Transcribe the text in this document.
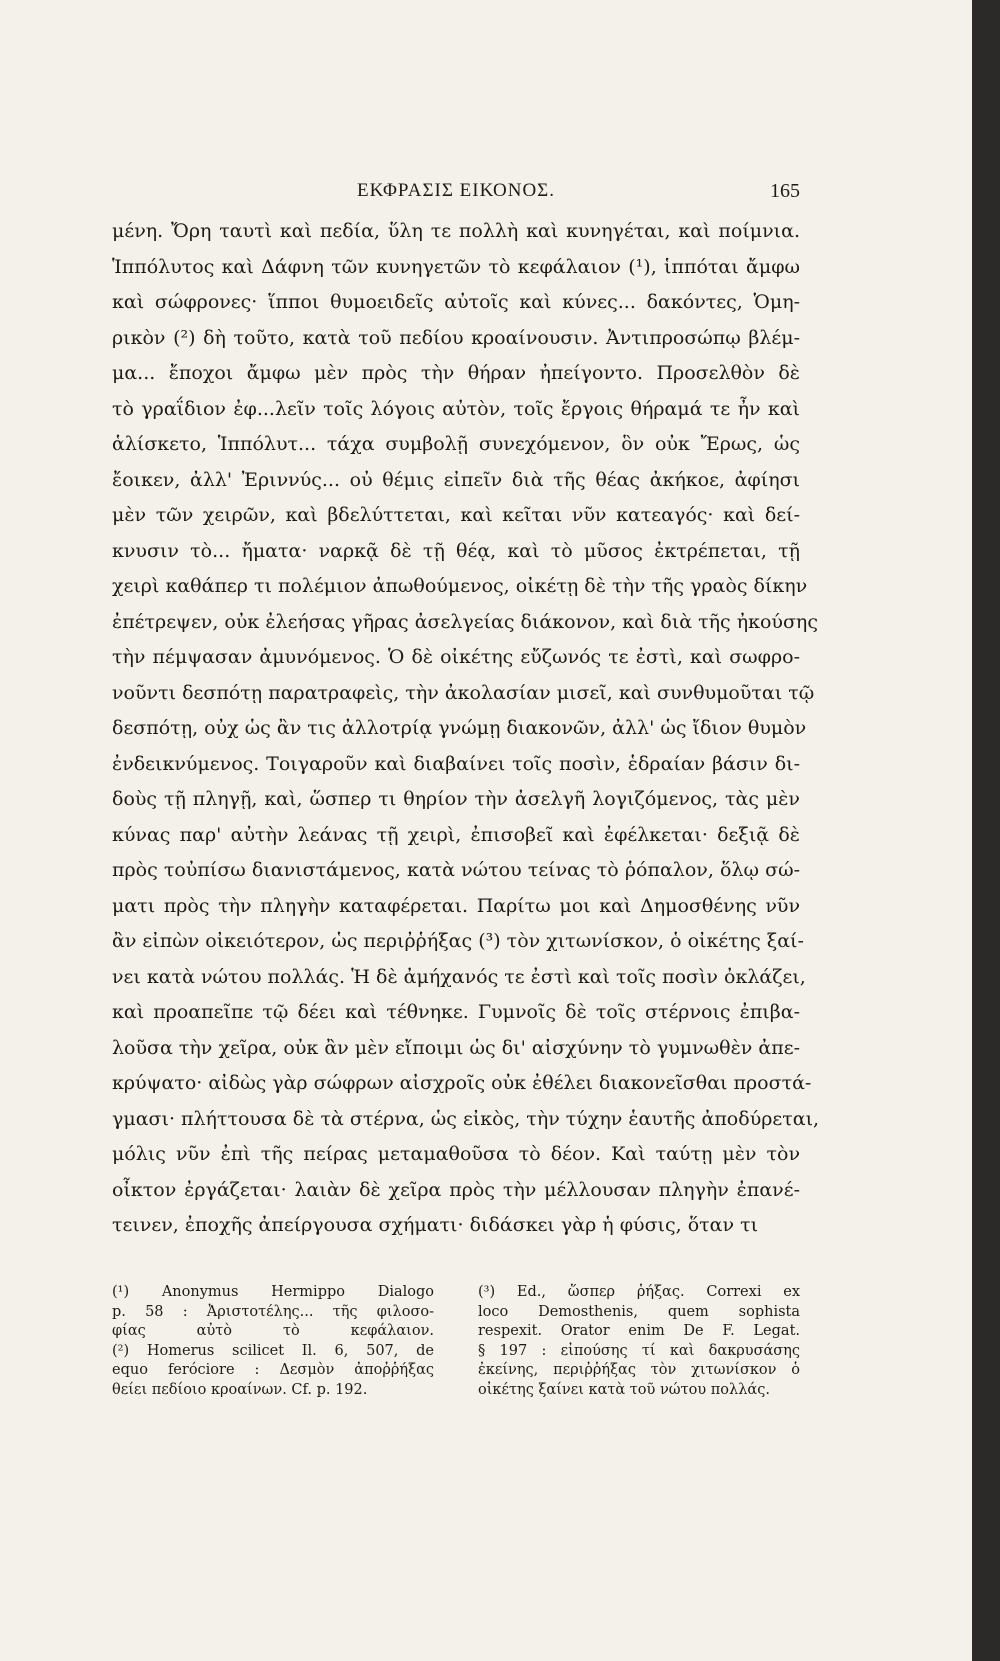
ΕΚΦΡΑΣΙΣ ΕΙΚΟΝΟΣ.	165
μένη. Ὄρη ταυτὶ καὶ πεδία, ὕλη τε πολλὴ καὶ κυνηγέται, καὶ ποίμνια.
Ἱππόλυτος καὶ Δάφνη τῶν κυνηγετῶν τὸ κεφάλαιον (¹), ἱππόται ἄμφω
καὶ σώφρονες· ἵπποι θυμοειδεῖς αὐτοῖς καὶ κύνες... δακόντες, Ὁμη-
ρικὸν (²) δὴ τοῦτο, κατὰ τοῦ πεδίου κροαίνουσιν. Ἀντιπροσώπῳ βλέμ-
μα... ἔποχοι ἄμφω μὲν πρὸς τὴν θήραν ἠπείγοντο. Προσελθὸν δὲ
τὸ γραΐδιον ἐφ...λεῖν τοῖς λόγοις αὐτὸν, τοῖς ἔργοις θήραμά τε ἦν καὶ
ἁλίσκετο, Ἱππόλυτ... τάχα συμβολῇ συνεχόμενον, ὃν οὐκ Ἔρως, ὡς
ἔοικεν, ἀλλ' Ἐριννύς... οὐ θέμις εἰπεῖν διὰ τῆς θέας ἀκήκοε, ἀφίησι
μὲν τῶν χειρῶν, καὶ βδελύττεται, καὶ κεῖται νῦν κατεαγός· καὶ δεί-
κνυσιν τὸ... ἤματα· ναρκᾷ δὲ τῇ θέᾳ, καὶ τὸ μῦσος ἐκτρέπεται, τῇ
χειρὶ καθάπερ τι πολέμιον ἀπωθούμενος, οἰκέτῃ δὲ τὴν τῆς γραὸς δίκην
ἐπέτρεψεν, οὐκ ἐλεήσας γῆρας ἀσελγείας διάκονον, καὶ διὰ τῆς ἠκούσης
τὴν πέμψασαν ἀμυνόμενος. Ὁ δὲ οἰκέτης εὔζωνός τε ἐστὶ, καὶ σωφρο-
νοῦντι δεσπότῃ παρατραφεὶς, τὴν ἀκολασίαν μισεῖ, καὶ συνθυμοῦται τῷ
δεσπότῃ, οὐχ ὡς ἂν τις ἀλλοτρίᾳ γνώμῃ διακονῶν, ἀλλ' ὡς ἴδιον θυμὸν
ἐνδεικνύμενος. Τοιγαροῦν καὶ διαβαίνει τοῖς ποσὶν, ἑδραίαν βάσιν δι-
δοὺς τῇ πληγῇ, καὶ, ὥσπερ τι θηρίον τὴν ἀσελγῆ λογιζόμενος, τὰς μὲν
κύνας παρ' αὐτὴν λεάνας τῇ χειρὶ, ἐπισοβεῖ καὶ ἐφέλκεται· δεξιᾷ δὲ
πρὸς τοὐπίσω διανιστάμενος, κατὰ νώτου τείνας τὸ ῥόπαλον, ὅλῳ σώ-
ματι πρὸς τὴν πληγὴν καταφέρεται. Παρίτω μοι καὶ Δημοσθένης νῦν
ἂν εἰπὼν οἰκειότερον, ὡς περιῤῥήξας (³) τὸν χιτωνίσκον, ὁ οἰκέτης ξαί-
νει κατὰ νώτου πολλάς. Ἡ δὲ ἀμήχανός τε ἐστὶ καὶ τοῖς ποσὶν ὀκλάζει,
καὶ προαπεῖπε τῷ δέει καὶ τέθνηκε. Γυμνοῖς δὲ τοῖς στέρνοις ἐπιβα-
λοῦσα τὴν χεῖρα, οὐκ ἂν μὲν εἴποιμι ὡς δι' αἰσχύνην τὸ γυμνωθὲν ἀπε-
κρύψατο· αἰδὼς γὰρ σώφρων αἰσχροῖς οὐκ ἐθέλει διακονεῖσθαι προστά-
γμασι· πλήττουσα δὲ τὰ στέρνα, ὡς εἰκὸς, τὴν τύχην ἑαυτῆς ἀποδύρεται,
μόλις νῦν ἐπὶ τῆς πείρας μεταμαθοῦσα τὸ δέον. Καὶ ταύτῃ μὲν τὸν
οἶκτον ἐργάζεται· λαιὰν δὲ χεῖρα πρὸς τὴν μέλλουσαν πληγὴν ἐπανέ-
τεινεν, ἐποχῆς ἀπείργουσα σχήματι· διδάσκει γὰρ ἡ φύσις, ὅταν τι
(¹) Anonymus Hermippo Dialogo
p. 58 : Ἀριστοτέλης... τῆς φιλοσο-
φίας αὐτὸ τὸ κεφάλαιον.
(²) Homerus scilicet Il. 6, 507, de
equo feróciore : Δεσμὸν ἀποῤῥήξας
θείει πεδίοιο κροαίνων. Cf. p. 192.
(³) Ed., ὥσπερ ῥήξας. Correxi ex
loco Demosthenis, quem sophista
respexit. Orator enim De F. Legat.
§ 197 : εἰπούσης τί καὶ δακρυσάσης
ἐκείνης, περιῤῥήξας τὸν χιτωνίσκον ὁ
οἰκέτης ξαίνει κατὰ τοῦ νώτου πολλάς.
